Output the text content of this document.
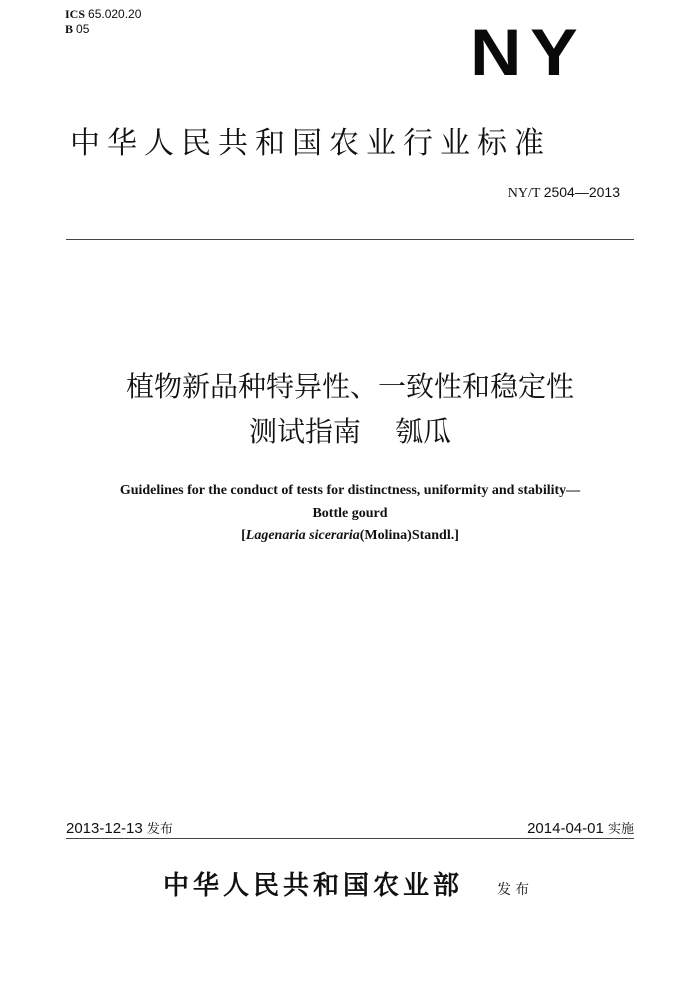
ICS 65.020.20
B 05	NY
中华人民共和国农业行业标准
NY/T 2504—2013
植物新品种特异性、一致性和稳定性
测试指南 瓠瓜
Guidelines for the conduct of tests for distinctness, uniformity and stability—
Bottle gourd
[Lagenaria siceraria(Molina)Standl.]
2013-12-13 发布	2014-04-01 实施
中华人民共和国农业部 发布
